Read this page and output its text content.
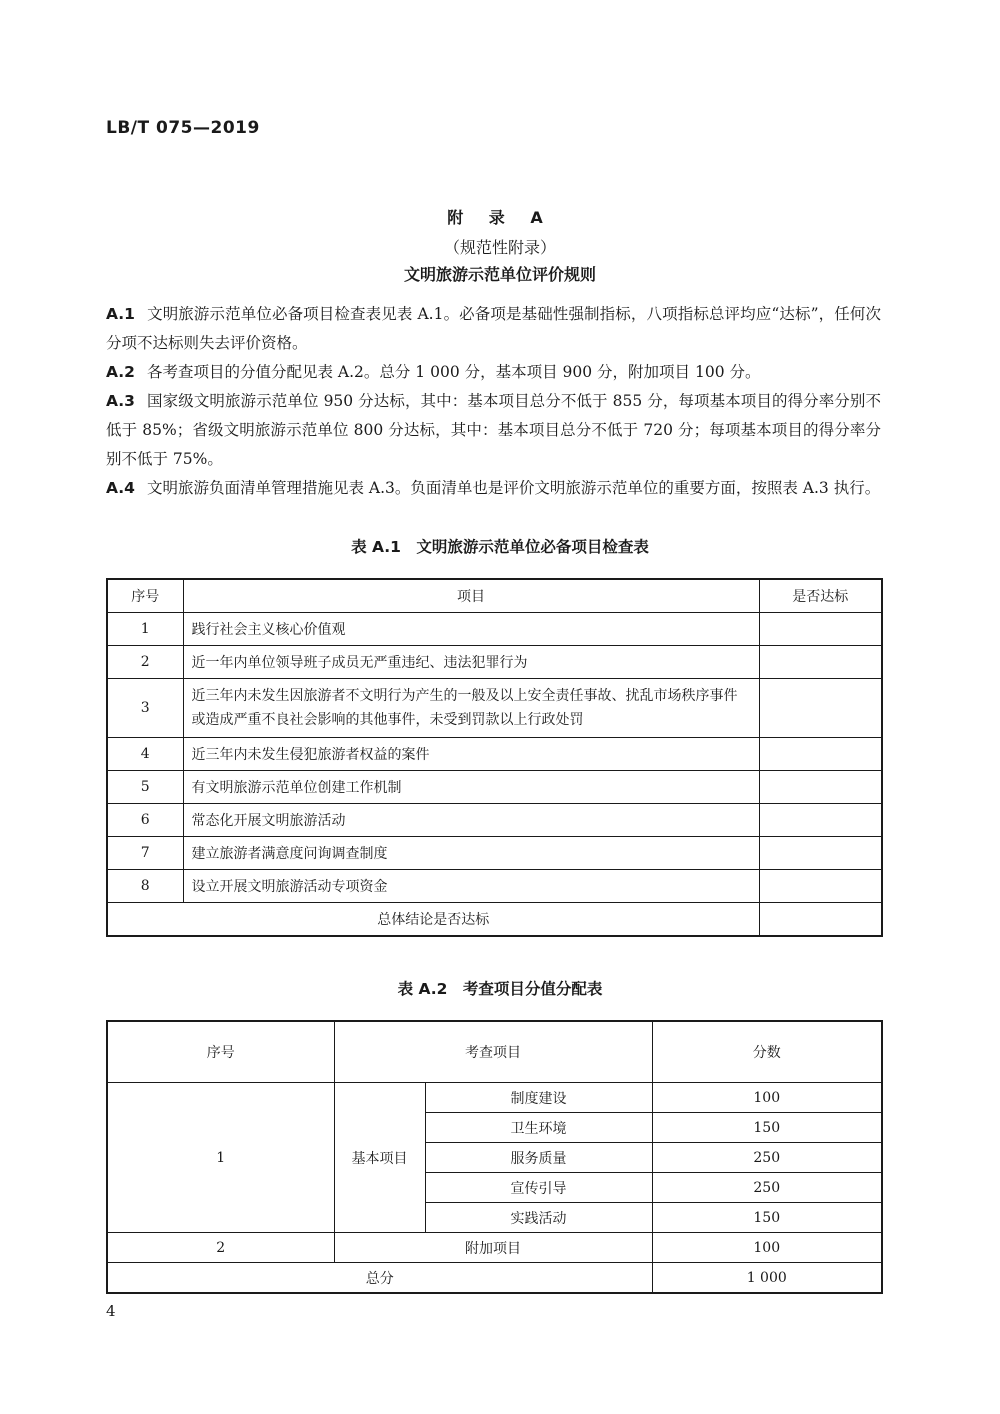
LB/T 075—2019
附 录 A
（规范性附录）
文明旅游示范单位评价规则

A.1 文明旅游示范单位必备项目检查表见表 A.1。必备项是基础性强制指标，八项指标总评均应“达标”，任何次分项不达标则失去评价资格。

A.2 各考查项目的分值分配见表 A.2。总分 1 000 分，基本项目 900 分，附加项目 100 分。

A.3 国家级文明旅游示范单位 950 分达标，其中：基本项目总分不低于 855 分，每项基本项目的得分率分别不低于 85%；省级文明旅游示范单位 800 分达标，其中：基本项目总分不低于 720 分；每项基本项目的得分率分别不低于 75%。

A.4 文明旅游负面清单管理措施见表 A.3。负面清单也是评价文明旅游示范单位的重要方面，按照表 A.3 执行。

表 A.1　文明旅游示范单位必备项目检查表
序号	项目	是否达标
1	践行社会主义核心价值观	
2	近一年内单位领导班子成员无严重违纪、违法犯罪行为	
3	近三年内未发生因旅游者不文明行为产生的一般及以上安全责任事故、扰乱市场秩序事件或造成严重不良社会影响的其他事件，未受到罚款以上行政处罚	
4	近三年内未发生侵犯旅游者权益的案件	
5	有文明旅游示范单位创建工作机制	
6	常态化开展文明旅游活动	
7	建立旅游者满意度问询调查制度	
8	设立开展文明旅游活动专项资金	
总体结论是否达标		
表 A.2　考查项目分值分配表
序号	考查项目		分数
1	基本项目	制度建设	100
		卫生环境	150
		服务质量	250
		宣传引导	250
		实践活动	150
2	附加项目		100
总分			1 000
4
